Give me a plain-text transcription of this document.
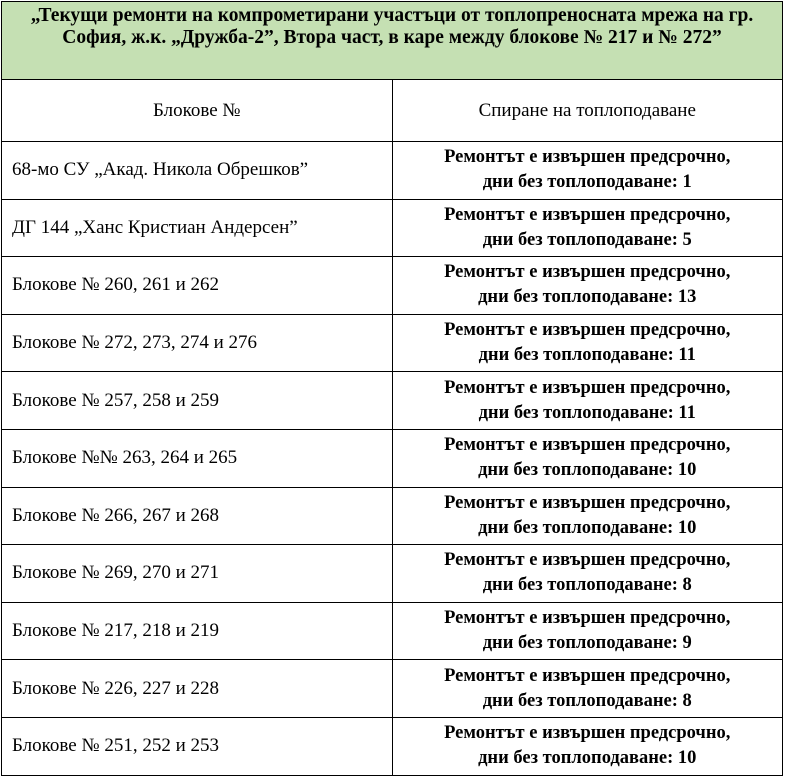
„Текущи ремонти на компрометирани участъци от топлопреносната мрежа на гр. София, ж.к. „Дружба-2”, Втора част, в каре между блокове № 217 и № 272”	
Блокове №	Спиране на топлоподаване
68-мо СУ „Акад. Никола Обрешков”	Ремонтът е извършен предсрочно,
дни без топлоподаване: 1

ДГ 144 „Ханс Кристиан Андерсен”	Ремонтът е извършен предсрочно,
дни без топлоподаване: 5

Блокове № 260, 261 и 262	Ремонтът е извършен предсрочно,
дни без топлоподаване: 13

Блокове № 272, 273, 274 и 276	Ремонтът е извършен предсрочно,
дни без топлоподаване: 11

Блокове № 257, 258 и 259	Ремонтът е извършен предсрочно,
дни без топлоподаване: 11

Блокове №№ 263, 264 и 265	Ремонтът е извършен предсрочно,
дни без топлоподаване: 10

Блокове № 266, 267 и 268	Ремонтът е извършен предсрочно,
дни без топлоподаване: 10

Блокове № 269, 270 и 271	Ремонтът е извършен предсрочно,
дни без топлоподаване: 8

Блокове № 217, 218 и 219	Ремонтът е извършен предсрочно,
дни без топлоподаване: 9

Блокове № 226, 227 и 228	Ремонтът е извършен предсрочно,
дни без топлоподаване: 8

Блокове № 251, 252 и 253	Ремонтът е извършен предсрочно,
дни без топлоподаване: 10
